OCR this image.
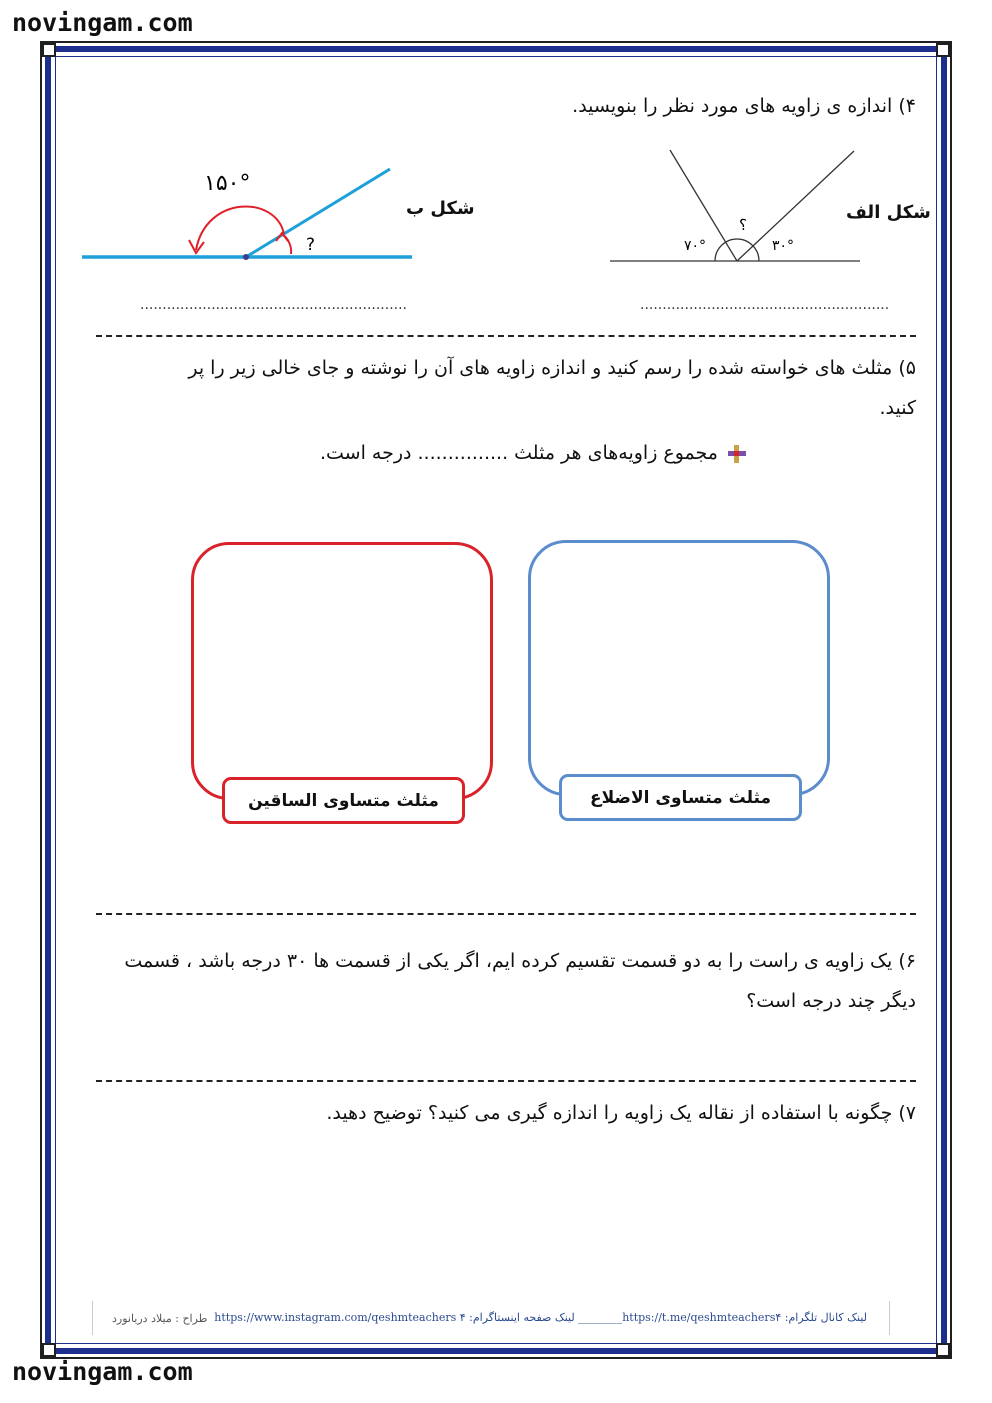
novingam.com
novingam.com
۴) اندازه ی زاویه های مورد نظر را بنویسید.
شکل الف
شکل ب
۷۰°	۳۰°
؟
۱۵۰°
?
............................................................	........................................................
۵) مثلث های خواسته شده را رسم کنید و اندازه زاویه های آن را نوشته و جای خالی زیر را پر
کنید.
مجموع زاویه‌های هر مثلث ............... درجه است.
مثلث متساوی الساقین	مثلث متساوی الاضلاع
۶) یک زاویه ی راست را به دو قسمت تقسیم کرده ایم، اگر یکی از قسمت ها ۳۰ درجه باشد ، قسمت
دیگر چند درجه است؟
۷) چگونه با استفاده از نقاله یک زاویه را اندازه گیری می کنید؟ توضیح دهید.
لینک کانال تلگرام: https://t.me/qeshmteachers۴________ لینک صفحه اینستاگرام: https://www.instagram.com/qeshmteachers ۴
طراح : میلاد دریانورد
